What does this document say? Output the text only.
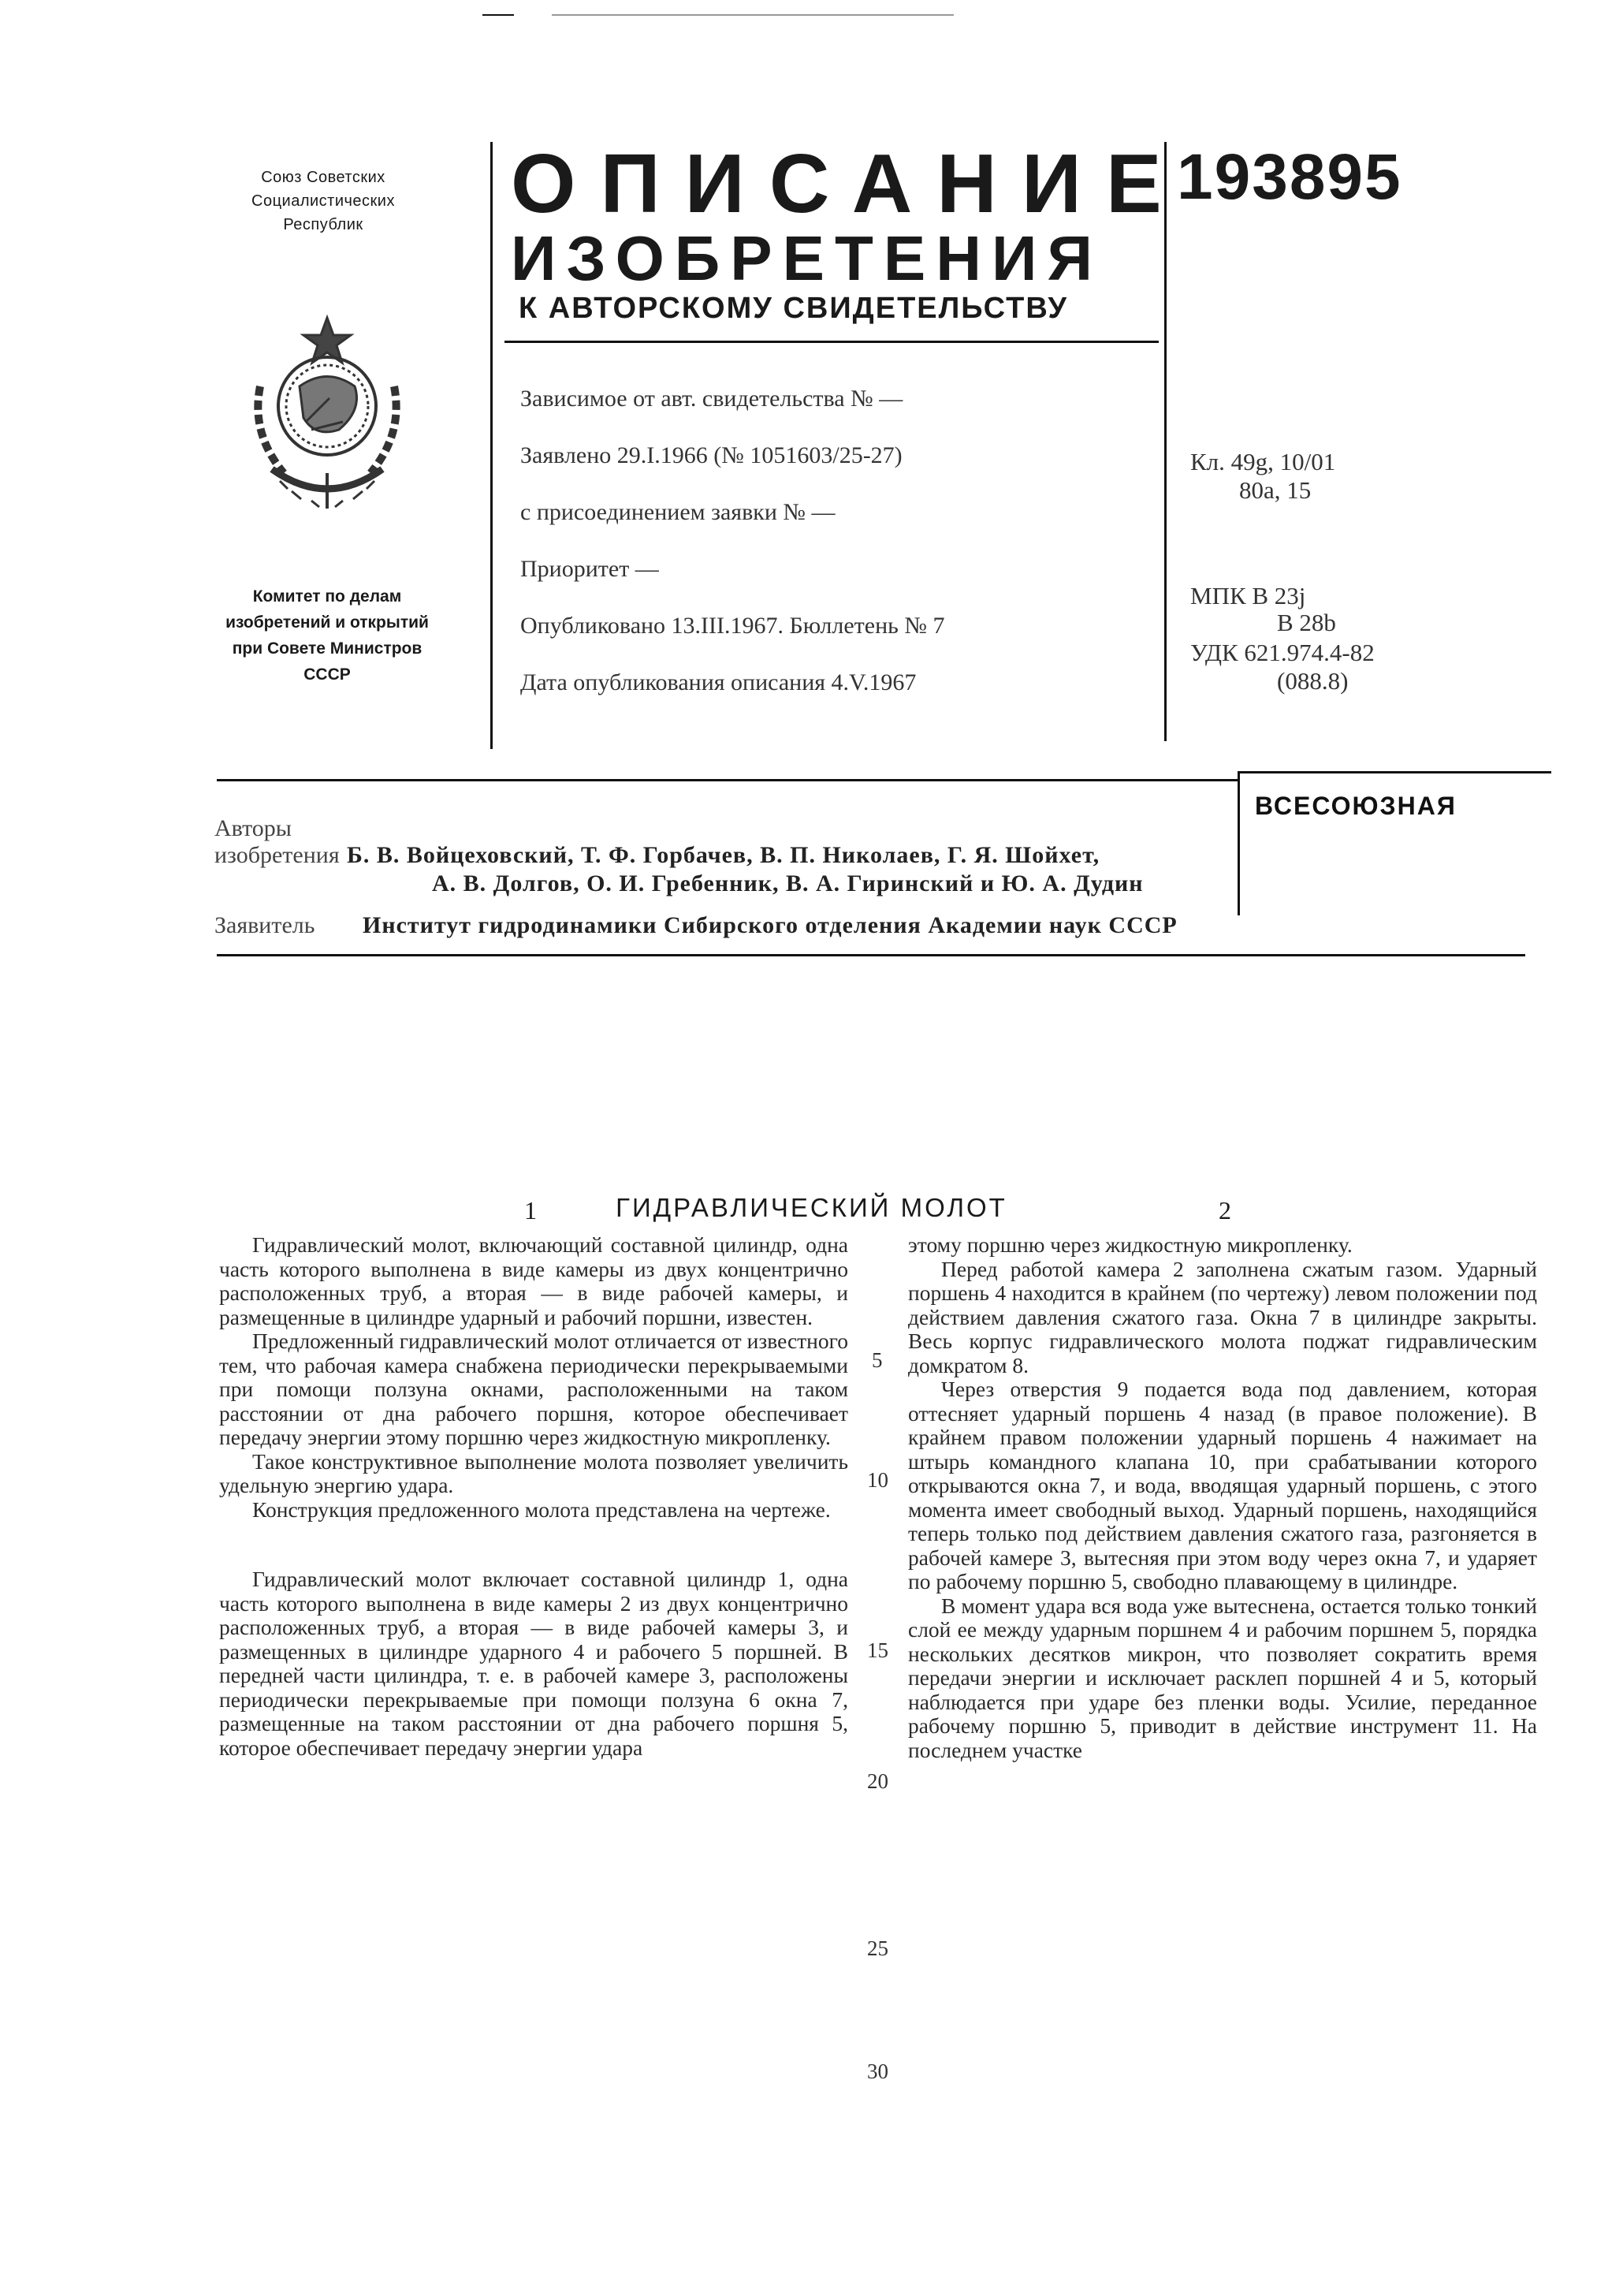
Союз Советских
Социалистических
Республик
Комитет по делам
изобретений и открытий
при Совете Министров
СССР
ОПИСАНИЕ
ИЗОБРЕТЕНИЯ
К АВТОРСКОМУ СВИДЕТЕЛЬСТВУ
193895
Зависимое от авт. свидетельства № —
Заявлено 29.I.1966 (№ 1051603/25-27)
с присоединением заявки № —
Приоритет —
Опубликовано 13.III.1967. Бюллетень № 7
Дата опубликования описания 4.V.1967
Кл. 49g, 10/01
80a, 15
МПК B 23j
B 28b
УДК 621.974.4-82
(088.8)
Авторы
изобретения Б. В. Войцеховский, Т. Ф. Горбачев, В. П. Николаев, Г. Я. Шойхет,
А. В. Долгов, О. И. Гребенник, В. А. Гиринский и Ю. А. Дудин
Заявитель Институт гидродинамики Сибирского отделения Академии наук СССР
ВСЕСОЮЗНАЯ
ГИДРАВЛИЧЕСКИЙ МОЛОТ
1	2

Гидравлический молот, включающий составной цилиндр, одна часть которого выполнена в виде камеры из двух концентрично расположенных труб, а вторая — в виде рабочей камеры, и размещенные в цилиндре ударный и рабочий поршни, известен.

Предложенный гидравлический молот отличается от известного тем, что рабочая камера снабжена периодически перекрываемыми при помощи ползуна окнами, расположенными на таком расстоянии от дна рабочего поршня, которое обеспечивает передачу энергии этому поршню через жидкостную микропленку.

Такое конструктивное выполнение молота позволяет увеличить удельную энергию удара.

Конструкция предложенного молота представлена на чертеже.

Гидравлический молот включает составной цилиндр 1, одна часть которого выполнена в виде камеры 2 из двух концентрично расположенных труб, а вторая — в виде рабочей камеры 3, и размещенных в цилиндре ударного 4 и рабочего 5 поршней. В передней части цилиндра, т. е. в рабочей камере 3, расположены периодически перекрываемые при помощи ползуна 6 окна 7, размещенные на таком расстоянии от дна рабочего поршня 5, которое обеспечивает передачу энергии удара

5
10
15
20
25
30

этому поршню через жидкостную микропленку.

Перед работой камера 2 заполнена сжатым газом. Ударный поршень 4 находится в крайнем (по чертежу) левом положении под действием давления сжатого газа. Окна 7 в цилиндре закрыты. Весь корпус гидравлического молота поджат гидравлическим домкратом 8.

Через отверстия 9 подается вода под давлением, которая оттесняет ударный поршень 4 назад (в правое положение). В крайнем правом положении ударный поршень 4 нажимает на штырь командного клапана 10, при срабатывании которого открываются окна 7, и вода, вводящая ударный поршень, с этого момента имеет свободный выход. Ударный поршень, находящийся теперь только под действием давления сжатого газа, разгоняется в рабочей камере 3, вытесняя при этом воду через окна 7, и ударяет по рабочему поршню 5, свободно плавающему в цилиндре.

В момент удара вся вода уже вытеснена, остается только тонкий слой ее между ударным поршнем 4 и рабочим поршнем 5, порядка нескольких десятков микрон, что позволяет сократить время передачи энергии и исключает расклеп поршней 4 и 5, который наблюдается при ударе без пленки воды. Усилие, переданное рабочему поршню 5, приводит в действие инструмент 11. На последнем участке
